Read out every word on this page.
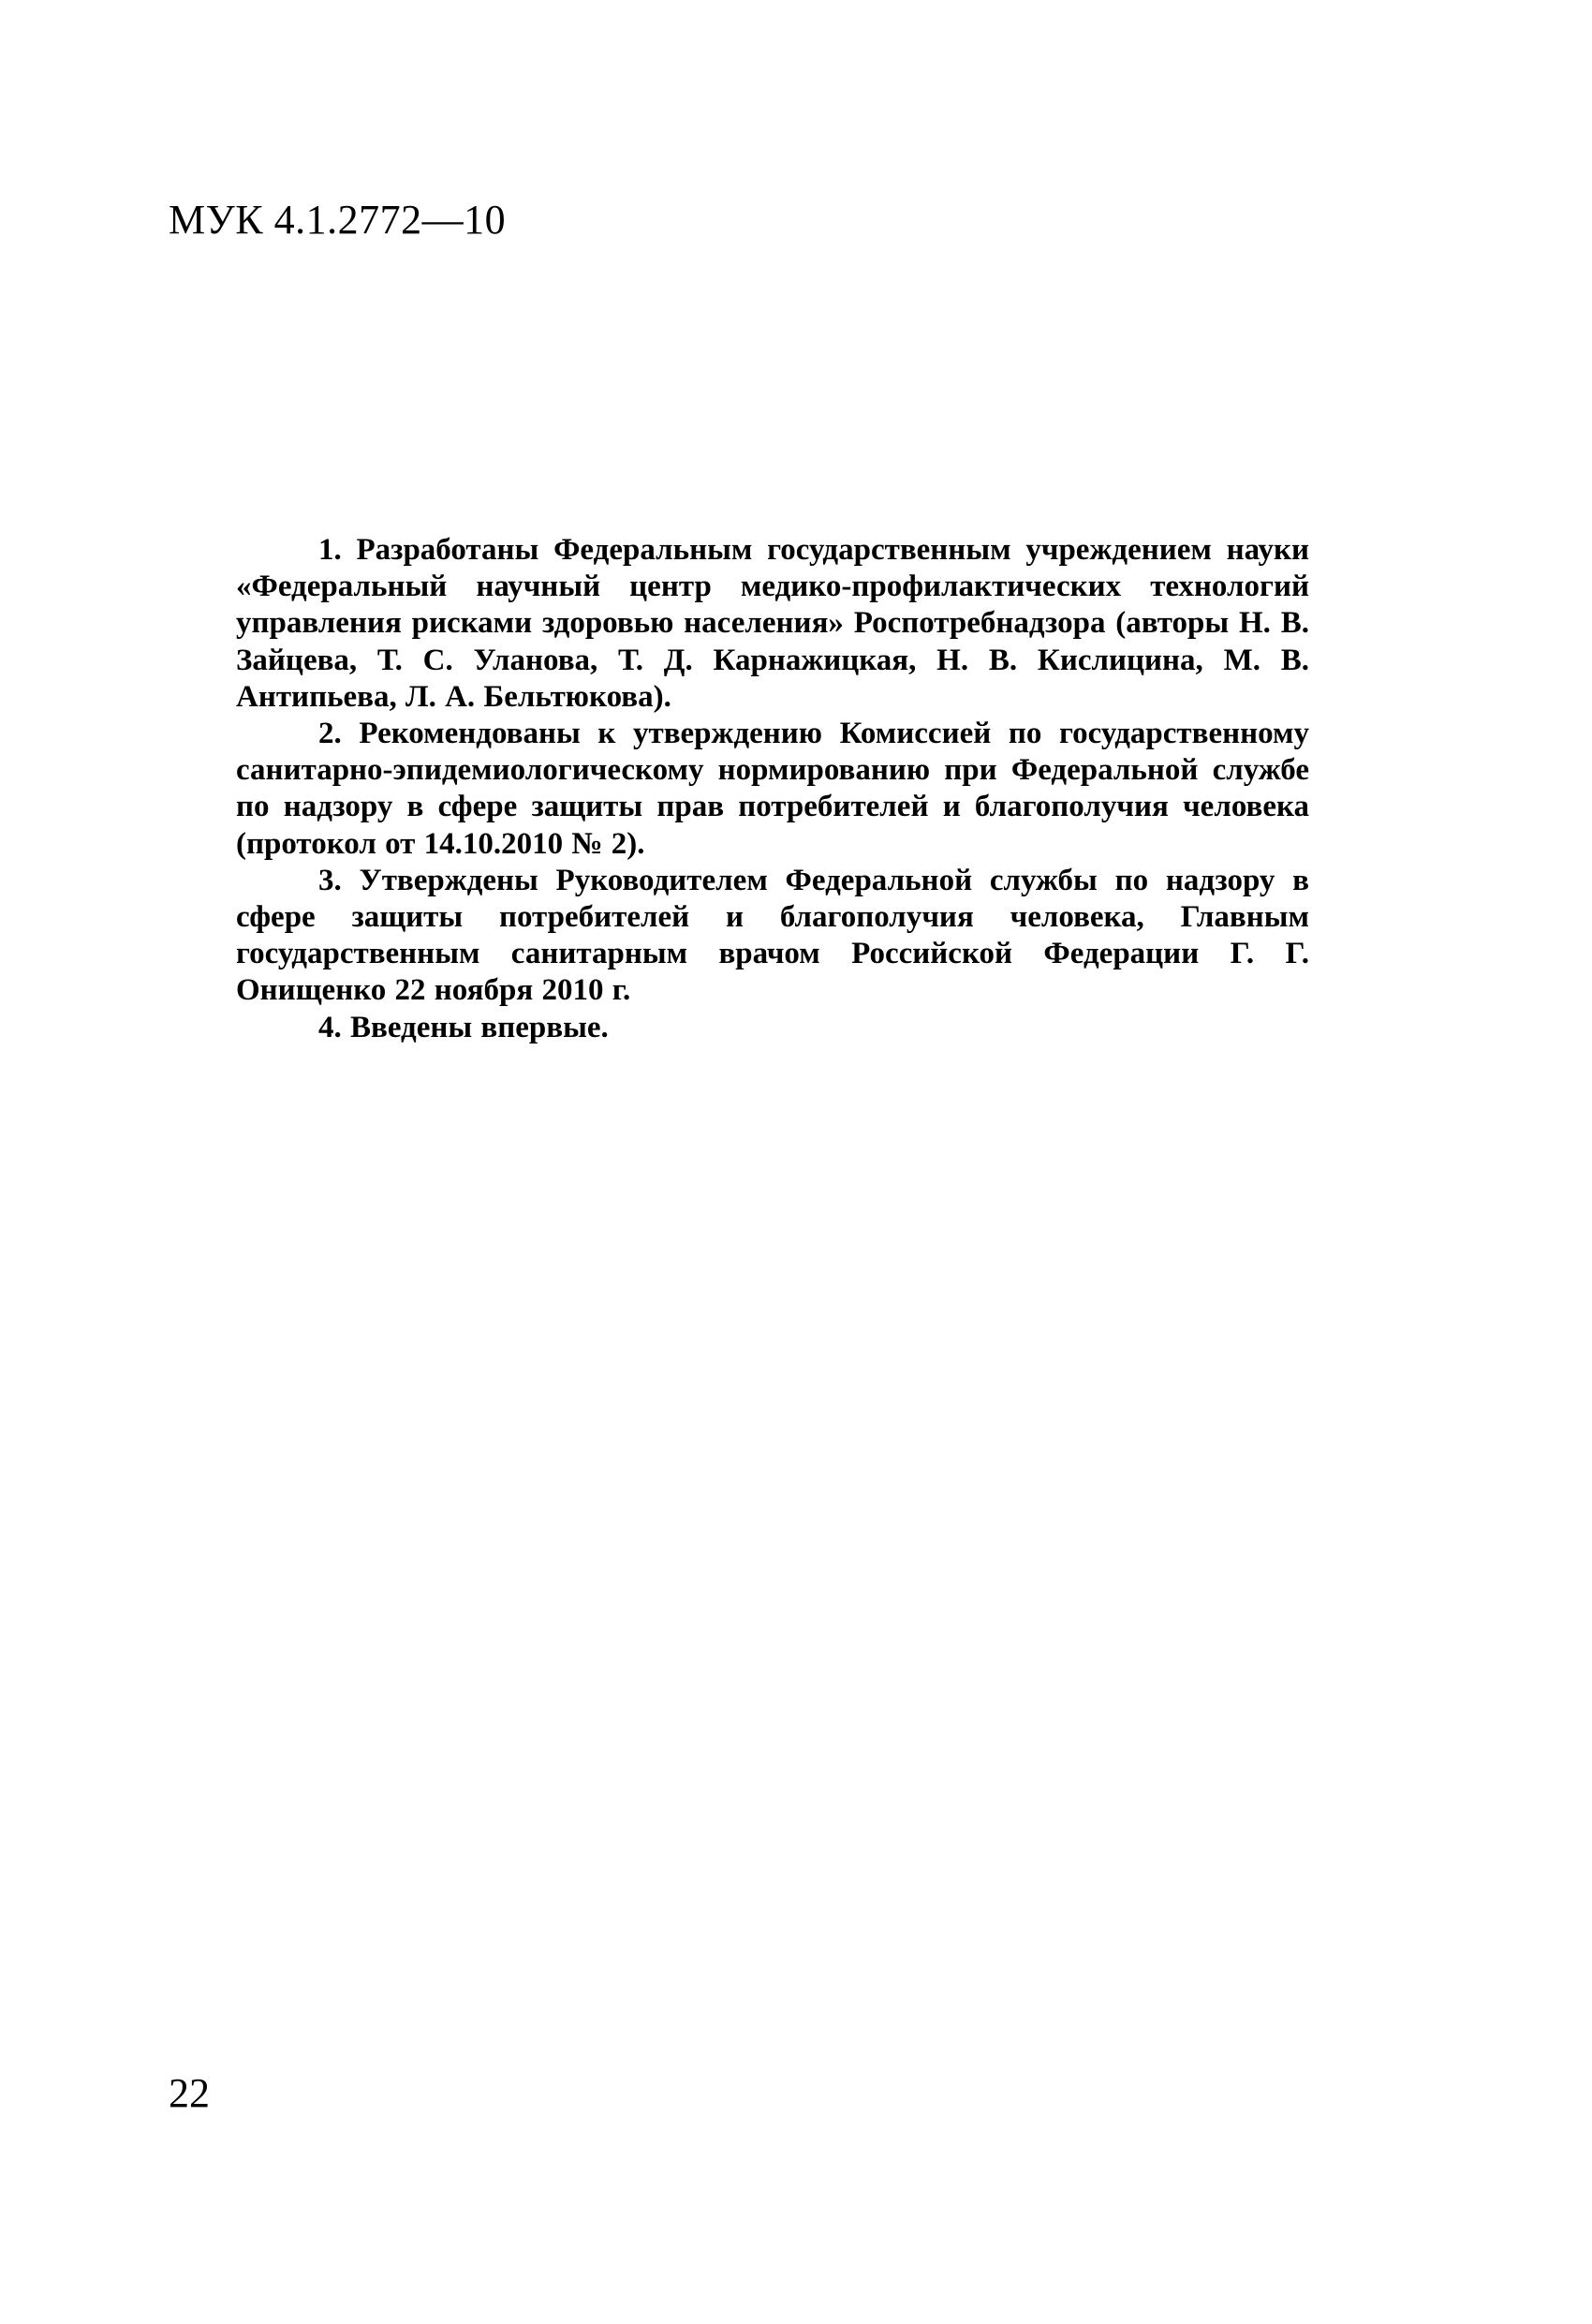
МУК 4.1.2772—10

1. Разработаны Федеральным государственным учреждением науки «Федеральный научный центр медико-профилактических технологий управления рисками здоровью населения» Роспотребнадзора (авторы Н. В. Зайцева, Т. С. Уланова, Т. Д. Карнажицкая, Н. В. Кислицина, М. В. Антипьева, Л. А. Бельтюкова).

2. Рекомендованы к утверждению Комиссией по государственному санитарно-эпидемиологическому нормированию при Федеральной службе по надзору в сфере защиты прав потребителей и благополучия человека (протокол от 14.10.2010 № 2).

3. Утверждены Руководителем Федеральной службы по надзору в сфере защиты потребителей и благополучия человека, Главным государственным санитарным врачом Российской Федерации Г. Г. Онищенко 22 ноября 2010 г.

4. Введены впервые.

22
